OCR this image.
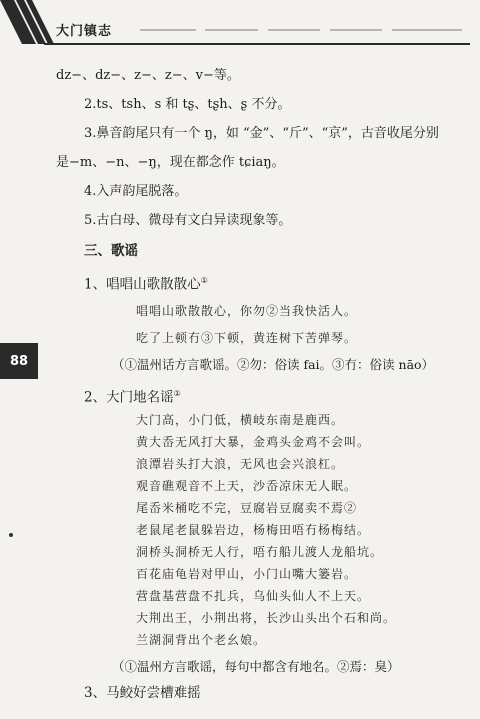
大门镇志
88
dz−、dz−、z−、z−、v−等。
2.ts、tsh、s 和 tʂ、tʂh、ʂ 不分。
3.鼻音韵尾只有一个 ŋ，如 “金”、“斤”、“京”，古音收尾分别
是−m、−n、−ŋ，现在都念作 tɕiaŋ。
4.入声韵尾脱落。
5.古白母、微母有文白异读现象等。
三、歌谣
1、唱唱山歌散散心①
唱唱山歌散散心，你勿②当我快活人。
吃了上顿冇③下顿，黄连树下苦弹琴。
（①温州话方言歌谣。②勿：俗读 fai。③冇：俗读 nāo）
2、大门地名谣①
大门高，小门低，横岐东南是鹿西。
黄大岙无风打大暴，金鸡头金鸡不会叫。
浪潭岩头打大浪，无风也会兴浪杠。
观音礁观音不上天，沙岙凉床无人眠。
尾岙米桶吃不完，豆腐岩豆腐卖不焉②
老鼠尾老鼠躲岩边，杨梅田唔冇杨梅结。
洞桥头洞桥无人行，唔冇船儿渡人龙船坑。
百花庙龟岩对甲山，小门山嘴大篓岩。
营盘基营盘不扎兵，乌仙头仙人不上天。
大荆出王，小荆出将，长沙山头出个石和尚。
兰湖洞背出个老幺娘。
（①温州方言歌谣，每句中都含有地名。②焉：臭）
3、马鲛好尝槽难摇
